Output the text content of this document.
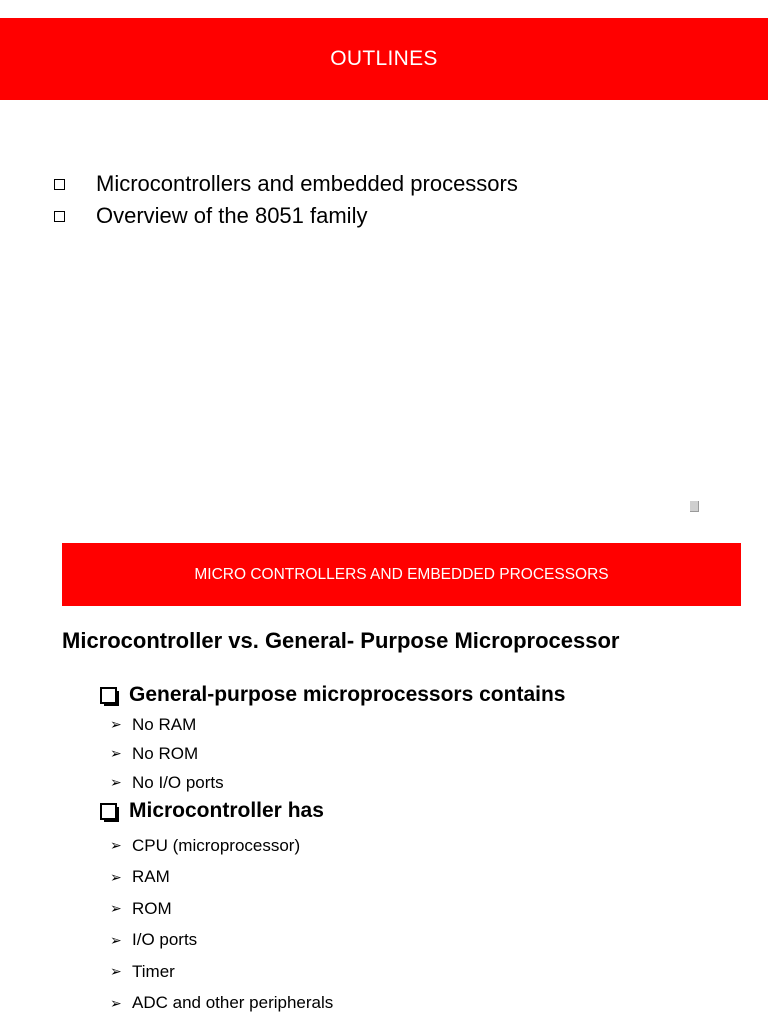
OUTLINES
Microcontrollers and embedded processors
Overview of the 8051 family
MICRO CONTROLLERS AND EMBEDDED PROCESSORS
Microcontroller vs. General- Purpose Microprocessor
General-purpose microprocessors contains
➢ No RAM
➢ No ROM
➢ No I/O ports
Microcontroller has
➢ CPU (microprocessor)
➢ RAM
➢ ROM
➢ I/O ports
➢ Timer
➢ ADC and other peripherals
